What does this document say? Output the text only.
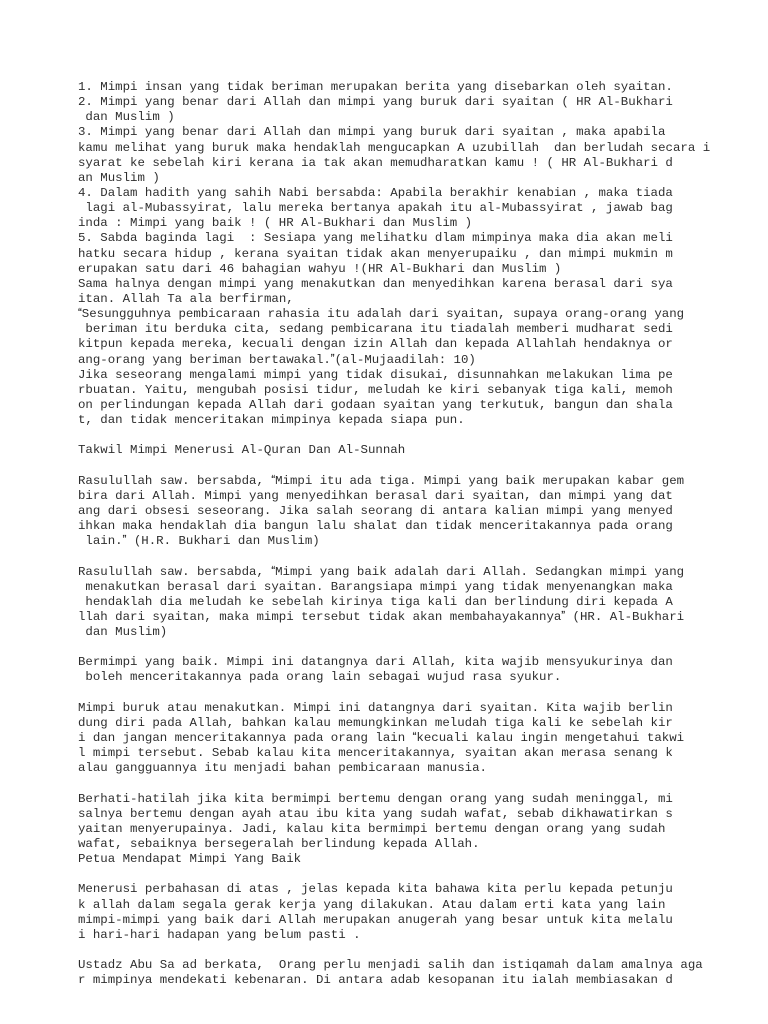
1. Mimpi insan yang tidak beriman merupakan berita yang disebarkan oleh syaitan.
2. Mimpi yang benar dari Allah dan mimpi yang buruk dari syaitan ( HR Al-Bukhari
dan Muslim )
3. Mimpi yang benar dari Allah dan mimpi yang buruk dari syaitan , maka apabila
kamu melihat yang buruk maka hendaklah mengucapkan Auzubillah dan berludah secara i
syarat ke sebelah kiri kerana ia tak akan memudharatkan kamu ! ( HR Al-Bukhari d
an Muslim )
4. Dalam hadith yang sahih Nabi bersabda: Apabila berakhir kenabian , maka tiada
lagi al-Mubassyirat, lalu mereka bertanya apakah itu al-Mubassyirat , jawab bag
inda : Mimpi yang baik ! ( HR Al-Bukhari dan Muslim )
5. Sabda baginda lagi  : Sesiapa yang melihatku dlam mimpinya maka dia akan meli
hatku secara hidup , kerana syaitan tidak akan menyerupaiku , dan mimpi mukmin m
erupakan satu dari 46 bahagian wahyu !(HR Al-Bukhari dan Muslim )
Sama halnya dengan mimpi yang menakutkan dan menyedihkan karena berasal dari sya
itan. Allah Taala berfirman,
Sesungguhnya pembicaraan rahasia itu adalah dari syaitan, supaya orang-orang yang
beriman itu berduka cita, sedang pembicarana itu tiadalah memberi mudharat sedi
kitpun kepada mereka, kecuali dengan izin Allah dan kepada Allahlah hendaknya or
ang-orang yang beriman bertawakal.(al-Mujaadilah: 10)
Jika seseorang mengalami mimpi yang tidak disukai, disunnahkan melakukan lima pe
rbuatan. Yaitu, mengubah posisi tidur, meludah ke kiri sebanyak tiga kali, memoh
on perlindungan kepada Allah dari godaan syaitan yang terkutuk, bangun dan shala
t, dan tidak menceritakan mimpinya kepada siapa pun.
Takwil Mimpi Menerusi Al-Quran Dan Al-Sunnah
Rasulullah saw. bersabda, Mimpi itu ada tiga. Mimpi yang baik merupakan kabar gem
bira dari Allah. Mimpi yang menyedihkan berasal dari syaitan, dan mimpi yang dat
ang dari obsesi seseorang. Jika salah seorang di antara kalian mimpi yang menyed
ihkan maka hendaklah dia bangun lalu shalat dan tidak menceritakannya pada orang
lain. (H.R. Bukhari dan Muslim)
Rasulullah saw. bersabda, Mimpi yang baik adalah dari Allah. Sedangkan mimpi yang
menakutkan berasal dari syaitan. Barangsiapa mimpi yang tidak menyenangkan maka
hendaklah dia meludah ke sebelah kirinya tiga kali dan berlindung diri kepada A
llah dari syaitan, maka mimpi tersebut tidak akan membahayakannya (HR. Al-Bukhari
dan Muslim)
Bermimpi yang baik. Mimpi ini datangnya dari Allah, kita wajib mensyukurinya dan
boleh menceritakannya pada orang lain sebagai wujud rasa syukur.
Mimpi buruk atau menakutkan. Mimpi ini datangnya dari syaitan. Kita wajib berlin
dung diri pada Allah, bahkan kalau memungkinkan meludah tiga kali ke sebelah kir
i dan jangan menceritakannya pada orang lain kecuali kalau ingin mengetahui takwi
l mimpi tersebut. Sebab kalau kita menceritakannya, syaitan akan merasa senang k
alau gangguannya itu menjadi bahan pembicaraan manusia.
Berhati-hatilah jika kita bermimpi bertemu dengan orang yang sudah meninggal, mi
salnya bertemu dengan ayah atau ibu kita yang sudah wafat, sebab dikhawatirkan s
yaitan menyerupainya. Jadi, kalau kita bermimpi bertemu dengan orang yang sudah
wafat, sebaiknya bersegeralah berlindung kepada Allah.
Petua Mendapat Mimpi Yang Baik
Menerusi perbahasan di atas , jelas kepada kita bahawa kita perlu kepada petunju
k allah dalam segala gerak kerja yang dilakukan. Atau dalam erti kata yang lain
mimpi-mimpi yang baik dari Allah merupakan anugerah yang besar untuk kita melalu
i hari-hari hadapan yang belum pasti .
Ustadz Abu Saad berkata, Orang perlu menjadi salih dan istiqamah dalam amalnya aga
r mimpinya mendekati kebenaran. Di antara adab kesopanan itu ialah membiasakan d
